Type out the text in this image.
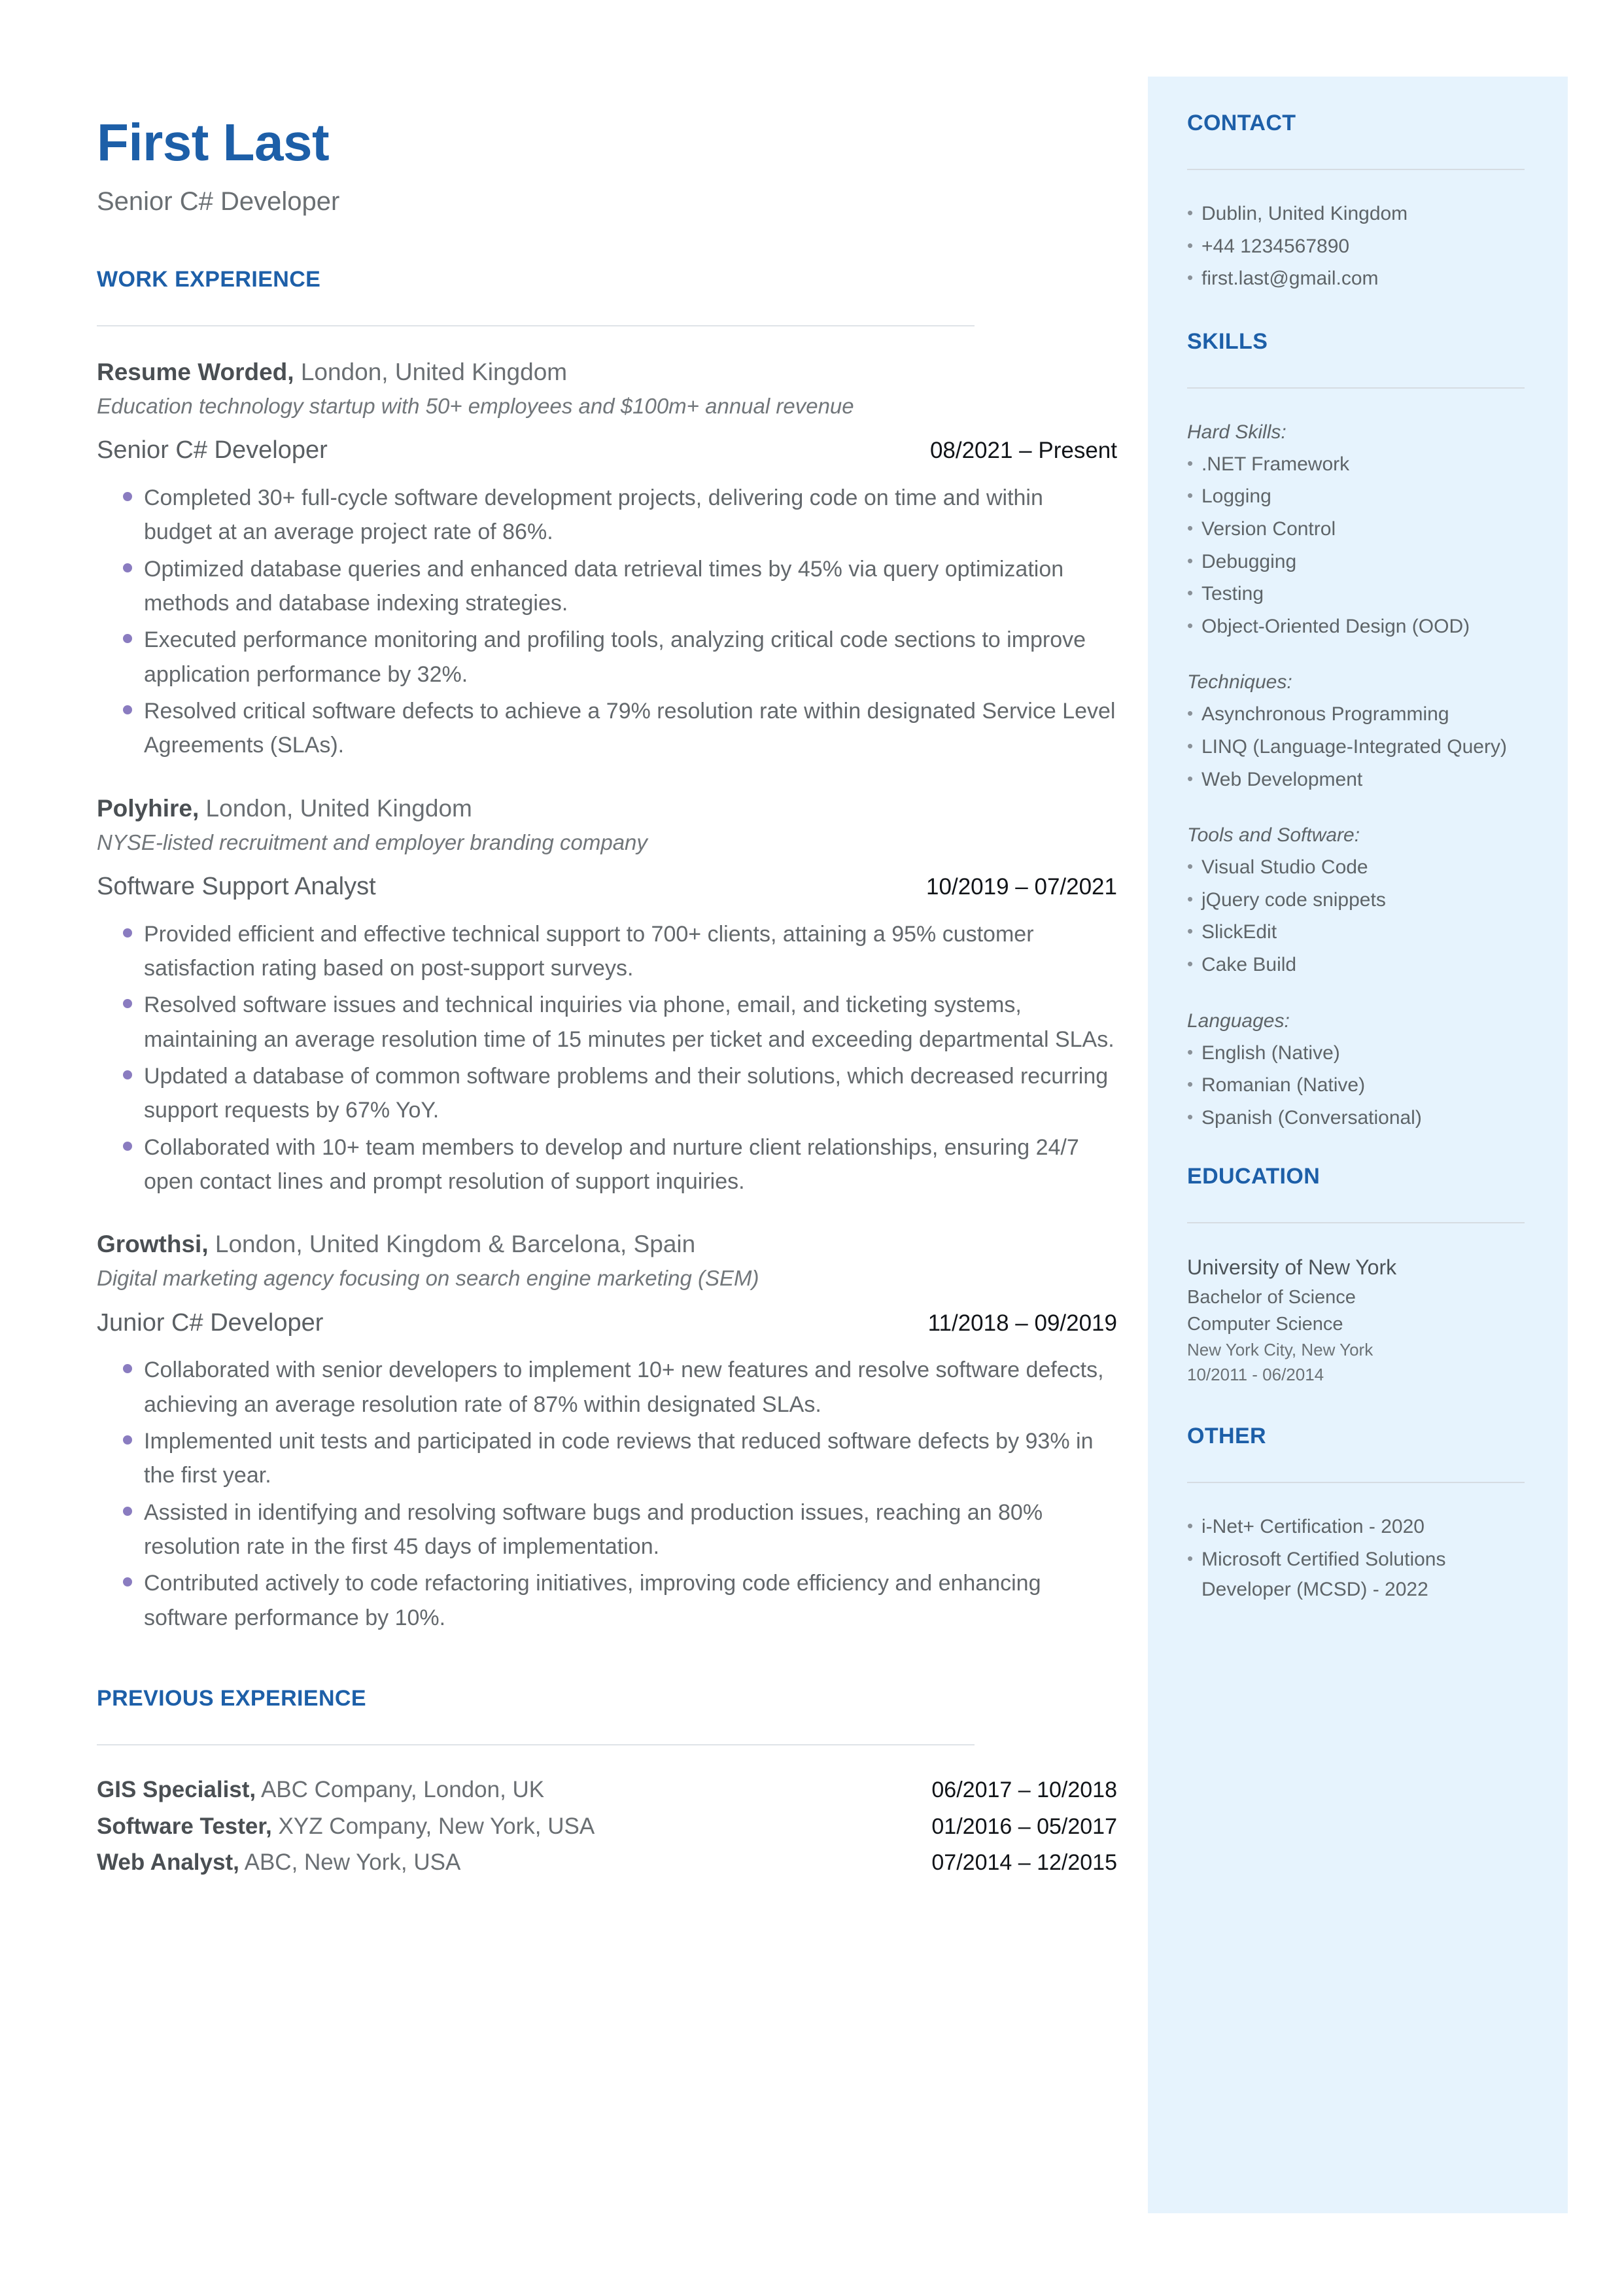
CONTACT
• Dublin, United Kingdom
• +44 1234567890
• first.last@gmail.com
SKILLS
Hard Skills:
• .NET Framework
• Logging
• Version Control
• Debugging
• Testing
• Object-Oriented Design (OOD)
Techniques:
• Asynchronous Programming
• LINQ (Language-Integrated Query)
• Web Development
Tools and Software:
• Visual Studio Code
• jQuery code snippets
• SlickEdit
• Cake Build
Languages:
• English (Native)
• Romanian (Native)
• Spanish (Conversational)
EDUCATION
University of New York
Bachelor of Science
Computer Science
New York City, New York
10/2011 - 06/2014
OTHER
• i-Net+ Certification - 2020
• Microsoft Certified Solutions Developer (MCSD) - 2022
First Last
Senior C# Developer
WORK EXPERIENCE
Resume Worded, London, United Kingdom
Education technology startup with 50+ employees and $100m+ annual revenue
Senior C# Developer	08/2021 – Present
Completed 30+ full-cycle software development projects, delivering code on time and within budget at an average project rate of 86%.
Optimized database queries and enhanced data retrieval times by 45% via query optimization methods and database indexing strategies.
Executed performance monitoring and profiling tools, analyzing critical code sections to improve application performance by 32%.
Resolved critical software defects to achieve a 79% resolution rate within designated Service Level Agreements (SLAs).
Polyhire, London, United Kingdom
NYSE-listed recruitment and employer branding company
Software Support Analyst	10/2019 – 07/2021
Provided efficient and effective technical support to 700+ clients, attaining a 95% customer satisfaction rating based on post-support surveys.
Resolved software issues and technical inquiries via phone, email, and ticketing systems, maintaining an average resolution time of 15 minutes per ticket and exceeding departmental SLAs.
Updated a database of common software problems and their solutions, which decreased recurring support requests by 67% YoY.
Collaborated with 10+ team members to develop and nurture client relationships, ensuring 24/7 open contact lines and prompt resolution of support inquiries.
Growthsi, London, United Kingdom & Barcelona, Spain
Digital marketing agency focusing on search engine marketing (SEM)
Junior C# Developer	11/2018 – 09/2019
Collaborated with senior developers to implement 10+ new features and resolve software defects, achieving an average resolution rate of 87% within designated SLAs.
Implemented unit tests and participated in code reviews that reduced software defects by 93% in the first year.
Assisted in identifying and resolving software bugs and production issues, reaching an 80% resolution rate in the first 45 days of implementation.
Contributed actively to code refactoring initiatives, improving code efficiency and enhancing software performance by 10%.
PREVIOUS EXPERIENCE
GIS Specialist, ABC Company, London, UK	06/2017 – 10/2018
Software Tester, XYZ Company, New York, USA	01/2016 – 05/2017
Web Analyst, ABC, New York, USA	07/2014 – 12/2015
